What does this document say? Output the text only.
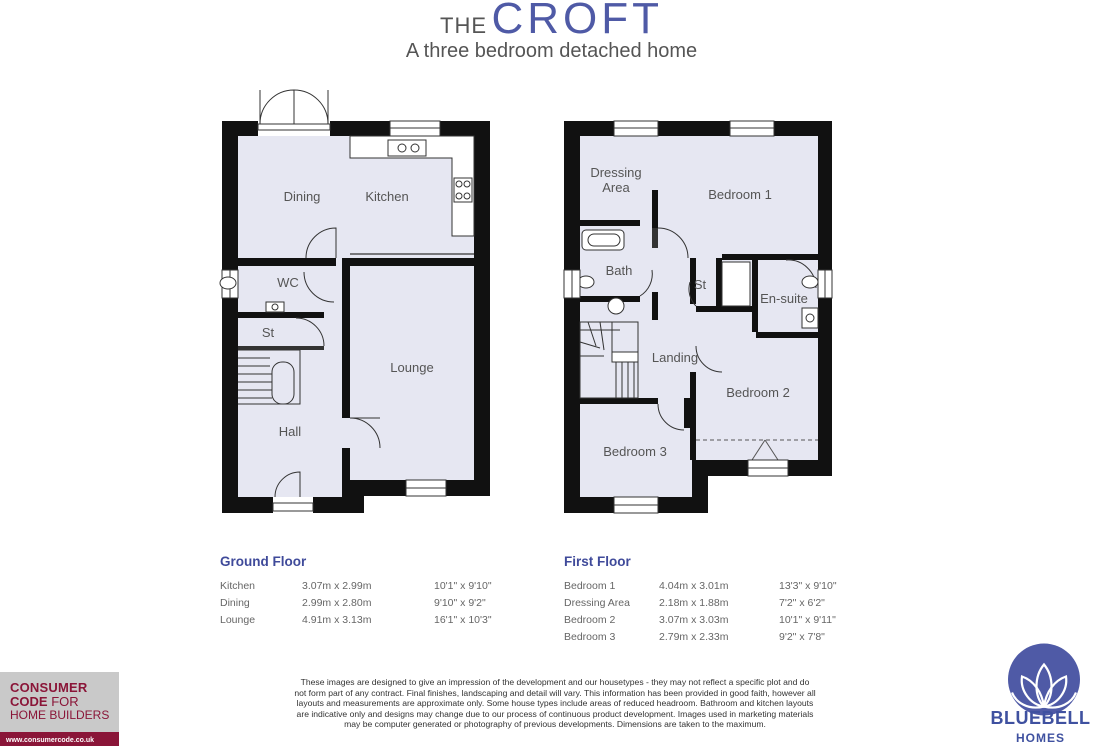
THE CROFT
A three bedroom detached home
Dining	Kitchen
WC
St
Lounge
Hall
Dressing
Area	Bedroom 1
Bath
St
En-suite
Landing
Bedroom 2
Bedroom 3
Ground Floor
Kitchen	3.07m x 2.99m	10'1" x 9'10"
Dining	2.99m x 2.80m	9'10" x 9'2"
Lounge	4.91m x 3.13m	16'1" x 10'3"
First Floor
Bedroom 1	4.04m x 3.01m	13'3" x 9'10"
Dressing Area	2.18m x 1.88m	7'2" x 6'2"
Bedroom 2	3.07m x 3.03m	10'1" x 9'11"
Bedroom 3	2.79m x 2.33m	9'2" x 7'8"
CONSUMER
CODE FOR
HOME BUILDERS
www.consumercode.co.uk
These images are designed to give an impression of the development and our housetypes - they may not reflect a specific plot and do
not form part of any contract. Final finishes, landscaping and detail will vary. This information has been provided in good faith, however all
layouts and measurements are approximate only. Some house types include areas of reduced headroom. Bathroom and kitchen layouts
are indicative only and designs may change due to our process of continuous product development. Images used in marketing materials
may be computer generated or photography of previous developments. Dimensions are taken to the maximum.	BLUEBELL
HOMES
